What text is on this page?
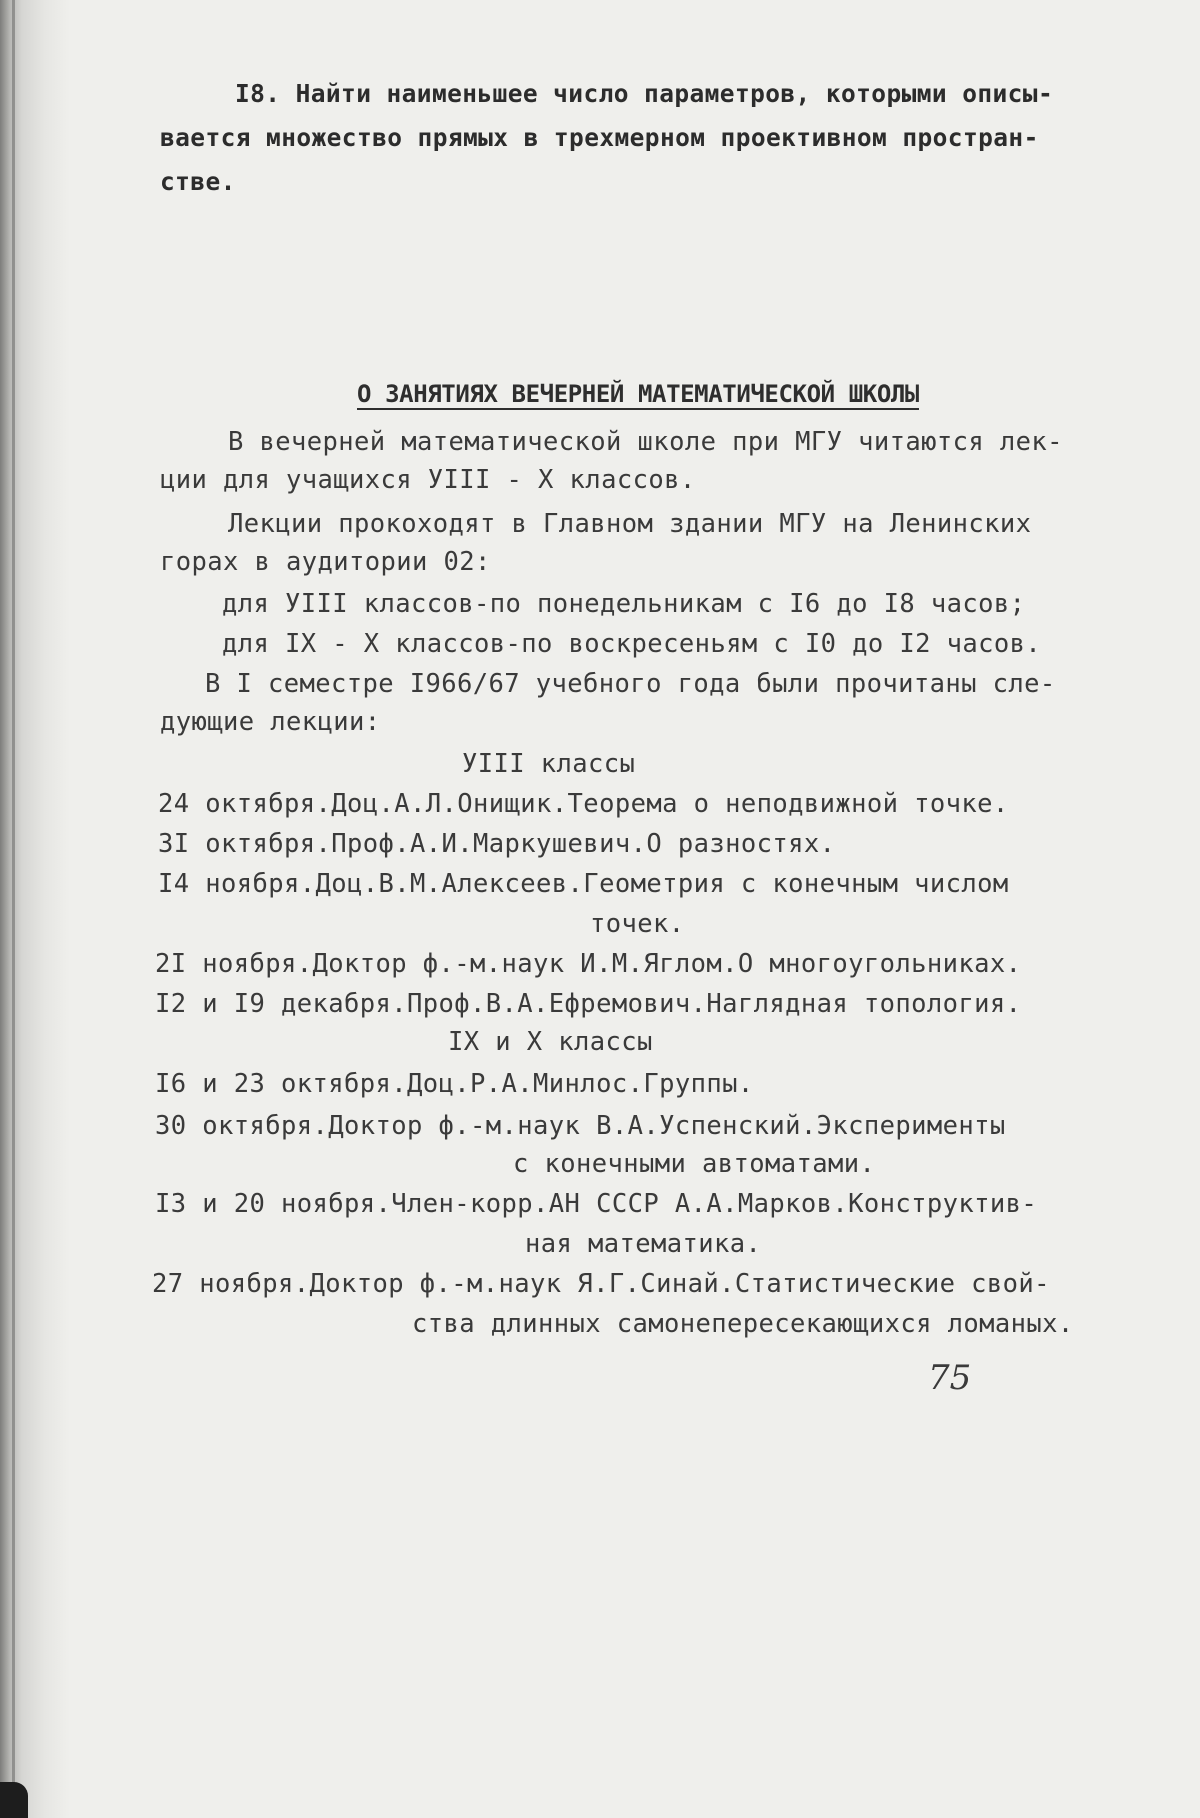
I8. Найти наименьшее число параметров, которыми описы-
вается множество прямых в трехмерном проективном простран-
стве.
О ЗАНЯТИЯХ ВЕЧЕРНЕЙ МАТЕМАТИЧЕСКОЙ ШКОЛЫ
В вечерней математической школе при МГУ читаются лек-
ции для учащихся УIII - X классов.
Лекции прокоходят в Главном здании МГУ на Ленинских
горах в аудитории 02:
для УIII классов-по понедельникам с I6 до I8 часов;
для IX - X классов-по воскресеньям с I0 до I2 часов.
В I семестре I966/67 учебного года были прочитаны сле-
дующие лекции:
УIII классы
24 октября.Доц.А.Л.Онищик.Теорема о неподвижной точке.
3I октября.Проф.А.И.Маркушевич.О разностях.
I4 ноября.Доц.В.М.Алексеев.Геометрия с конечным числом
точек.
2I ноября.Доктор ф.-м.наук И.М.Яглом.О многоугольниках.
I2 и I9 декабря.Проф.В.А.Ефремович.Наглядная топология.
IX и X классы
I6 и 23 октября.Доц.Р.А.Минлос.Группы.
30 октября.Доктор ф.-м.наук В.А.Успенский.Эксперименты
с конечными автоматами.
I3 и 20 ноября.Член-корр.АН СССР А.А.Марков.Конструктив-
ная математика.
27 ноября.Доктор ф.-м.наук Я.Г.Синай.Статистические свой-
ства длинных самонепересекающихся ломаных.
75
